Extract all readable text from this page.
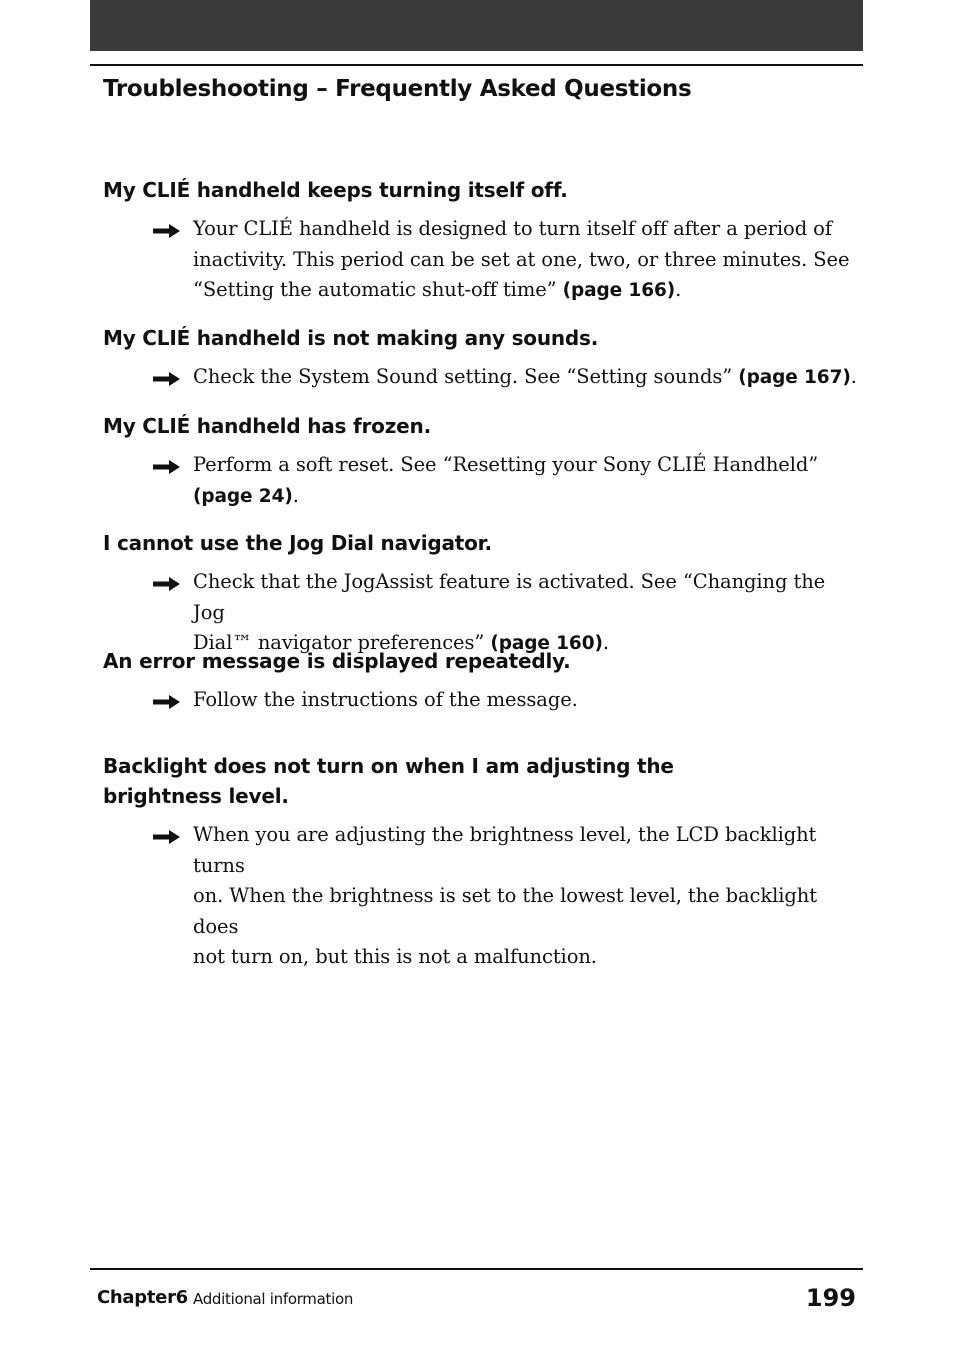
Troubleshooting – Frequently Asked Questions
My CLIÉ handheld keeps turning itself off.
Your CLIÉ handheld is designed to turn itself off after a period of
inactivity. This period can be set at one, two, or three minutes. See
“Setting the automatic shut-off time” (page 166).
My CLIÉ handheld is not making any sounds.
Check the System Sound setting. See “Setting sounds” (page 167).
My CLIÉ handheld has frozen.
Perform a soft reset. See “Resetting your Sony CLIÉ Handheld”
(page 24).
I cannot use the Jog Dial navigator.
Check that the JogAssist feature is activated. See “Changing the Jog
Dial™ navigator preferences” (page 160).
An error message is displayed repeatedly.
Follow the instructions of the message.
Backlight does not turn on when I am adjusting the
brightness level.
When you are adjusting the brightness level, the LCD backlight turns
on. When the brightness is set to the lowest level, the backlight does
not turn on, but this is not a malfunction.
Chapter6 Additional information	199
